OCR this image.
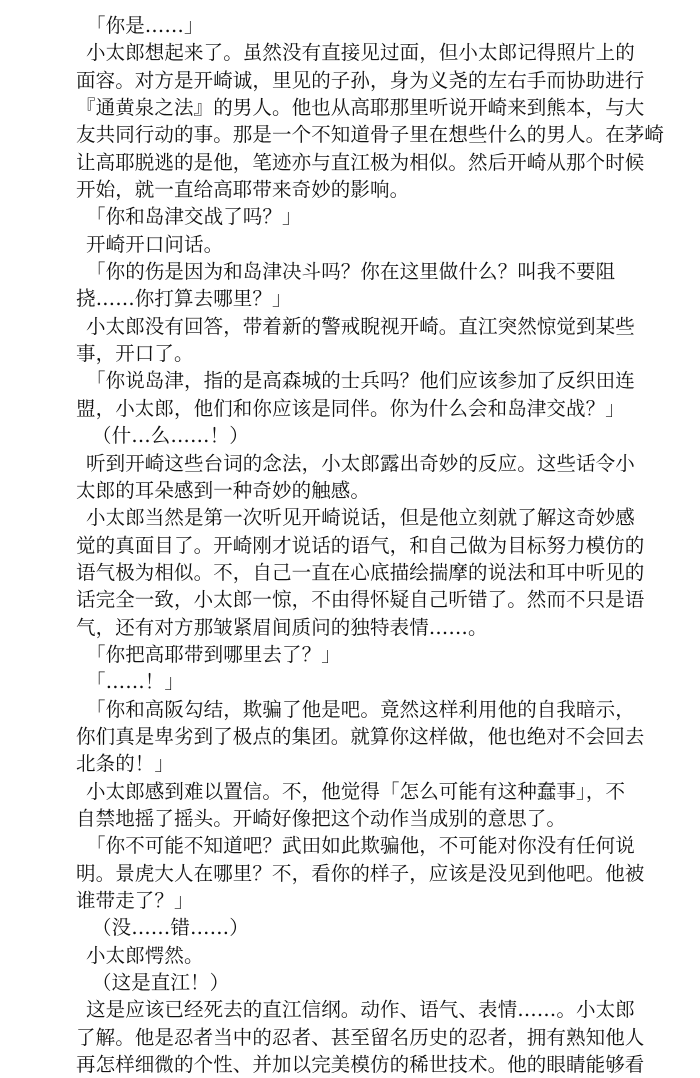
「你是……」
小太郎想起来了。虽然没有直接见过面，但小太郎记得照片上的
面容。对方是开崎诚，里见的子孙，身为义尧的左右手而协助进行
『通黄泉之法』的男人。他也从高耶那里听说开崎来到熊本，与大
友共同行动的事。那是一个不知道骨子里在想些什么的男人。在茅崎
让高耶脱逃的是他，笔迹亦与直江极为相似。然后开崎从那个时候
开始，就一直给高耶带来奇妙的影响。
「你和岛津交战了吗？」
开崎开口问话。
「你的伤是因为和岛津决斗吗？你在这里做什么？叫我不要阻
挠……你打算去哪里？」
小太郎没有回答，带着新的警戒睨视开崎。直江突然惊觉到某些
事，开口了。
「你说岛津，指的是高森城的士兵吗？他们应该参加了反织田连
盟，小太郎，他们和你应该是同伴。你为什么会和岛津交战？」
（什…么……！）
听到开崎这些台词的念法，小太郎露出奇妙的反应。这些话令小
太郎的耳朵感到一种奇妙的触感。
小太郎当然是第一次听见开崎说话，但是他立刻就了解这奇妙感
觉的真面目了。开崎刚才说话的语气，和自己做为目标努力模仿的
语气极为相似。不，自己一直在心底描绘揣摩的说法和耳中听见的
话完全一致，小太郎一惊，不由得怀疑自己听错了。然而不只是语
气，还有对方那皱紧眉间质问的独特表情……。
「你把高耶带到哪里去了？」
「……！」
「你和高阪勾结，欺骗了他是吧。竟然这样利用他的自我暗示，
你们真是卑劣到了极点的集团。就算你这样做，他也绝对不会回去
北条的！」
小太郎感到难以置信。不，他觉得「怎么可能有这种蠢事」，不
自禁地摇了摇头。开崎好像把这个动作当成别的意思了。
「你不可能不知道吧？武田如此欺骗他，不可能对你没有任何说
明。景虎大人在哪里？不，看你的样子，应该是没见到他吧。他被
谁带走了？」
（没……错……）
小太郎愕然。
（这是直江！）
这是应该已经死去的直江信纲。动作、语气、表情……。小太郎
了解。他是忍者当中的忍者、甚至留名历史的忍者，拥有熟知他人
再怎样细微的个性、并加以完美模仿的稀世技术。他的眼睛能够看
